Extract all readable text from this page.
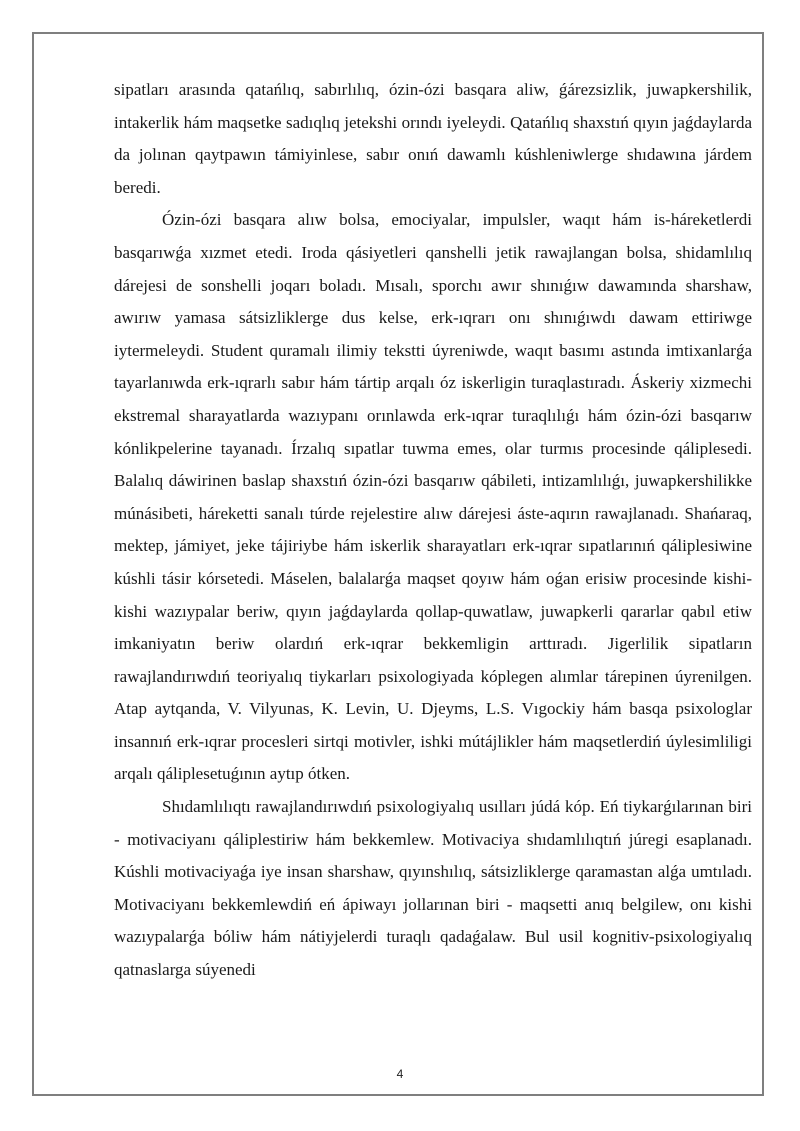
sipatları arasında qatańlıq, sabırlılıq, ózin-ózi basqara aliw, ǵárezsizlik, juwapkershilik, intakerlik hám maqsetke sadıqlıq jetekshi orındı iyeleydi. Qatańlıq shaxstıń qıyın jaǵdaylarda da jolınan qaytpawın támiyinlese, sabır onıń dawamlı kúshleniwlerge shıdawına járdem beredi.

Ózin-ózi basqara alıw bolsa, emociyalar, impulsler, waqıt hám is-háreketlerdi basqarıwǵa xızmet etedi. Iroda qásiyetleri qanshelli jetik rawajlangan bolsa, shidamlılıq dárejesi de sonshelli joqarı boladı. Mısalı, sporchı awır shınıǵıw dawamında sharshaw, awırıw yamasa sátsizliklerge dus kelse, erk-ıqrarı onı shınıǵıwdı dawam ettiriwge iytermeleydi. Student quramalı ilimiy tekstti úyreniwde, waqıt basımı astında imtixanlarǵa tayarlanıwda erk-ıqrarlı sabır hám tártip arqalı óz iskerligin turaqlastıradı. Áskeriy xizmechi ekstremal sharayatlarda wazıypanı orınlawda erk-ıqrar turaqlılıǵı hám ózin-ózi basqarıw kónlikpelerine tayanadı. Írzalıq sıpatlar tuwma emes, olar turmıs procesinde qáliplesedi. Balalıq dáwirinen baslap shaxstıń ózin-ózi basqarıw qábileti, intizamlılıǵı, juwapkershilikke múnásibeti, háreketti sanalı túrde rejelestire alıw dárejesi áste-aqırın rawajlanadı. Shańaraq, mektep, jámiyet, jeke tájiriybe hám iskerlik sharayatları erk-ıqrar sıpatlarınıń qáliplesiwine kúshli tásir kórsetedi. Máselen, balalarǵa maqset qoyıw hám oǵan erisiw procesinde kishi-kishi wazıypalar beriw, qıyın jaǵdaylarda qollap-quwatlaw, juwapkerli qararlar qabıl etiw imkaniyatın beriw olardıń erk-ıqrar bekkemligin arttıradı. Jigerlilik sipatların rawajlandırıwdıń teoriyalıq tiykarları psixologiyada kóplegen alımlar tárepinen úyrenilgen. Atap aytqanda, V. Vilyunas, K. Levin, U. Djeyms, L.S. Vıgockiy hám basqa psixologlar insannıń erk-ıqrar procesleri sirtqi motivler, ishki mútájlikler hám maqsetlerdiń úylesimliligi arqalı qáliplesetuǵının aytıp ótken.

Shıdamlılıqtı rawajlandırıwdıń psixologiyalıq usılları júdá kóp. Eń tiykarǵılarınan biri - motivaciyanı qáliplestiriw hám bekkemlew. Motivaciya shıdamlılıqtıń júregi esaplanadı. Kúshli motivaciyaǵa iye insan sharshaw, qıyınshılıq, sátsizliklerge qaramastan alǵa umtıladı. Motivaciyanı bekkemlewdiń eń ápiwayı jollarınan biri - maqsetti anıq belgilew, onı kishi wazıypalarǵa bóliw hám nátiyjelerdi turaqlı qadaǵalaw. Bul usil kognitiv-psixologiyalıq qatnaslarga súyenedi

4
